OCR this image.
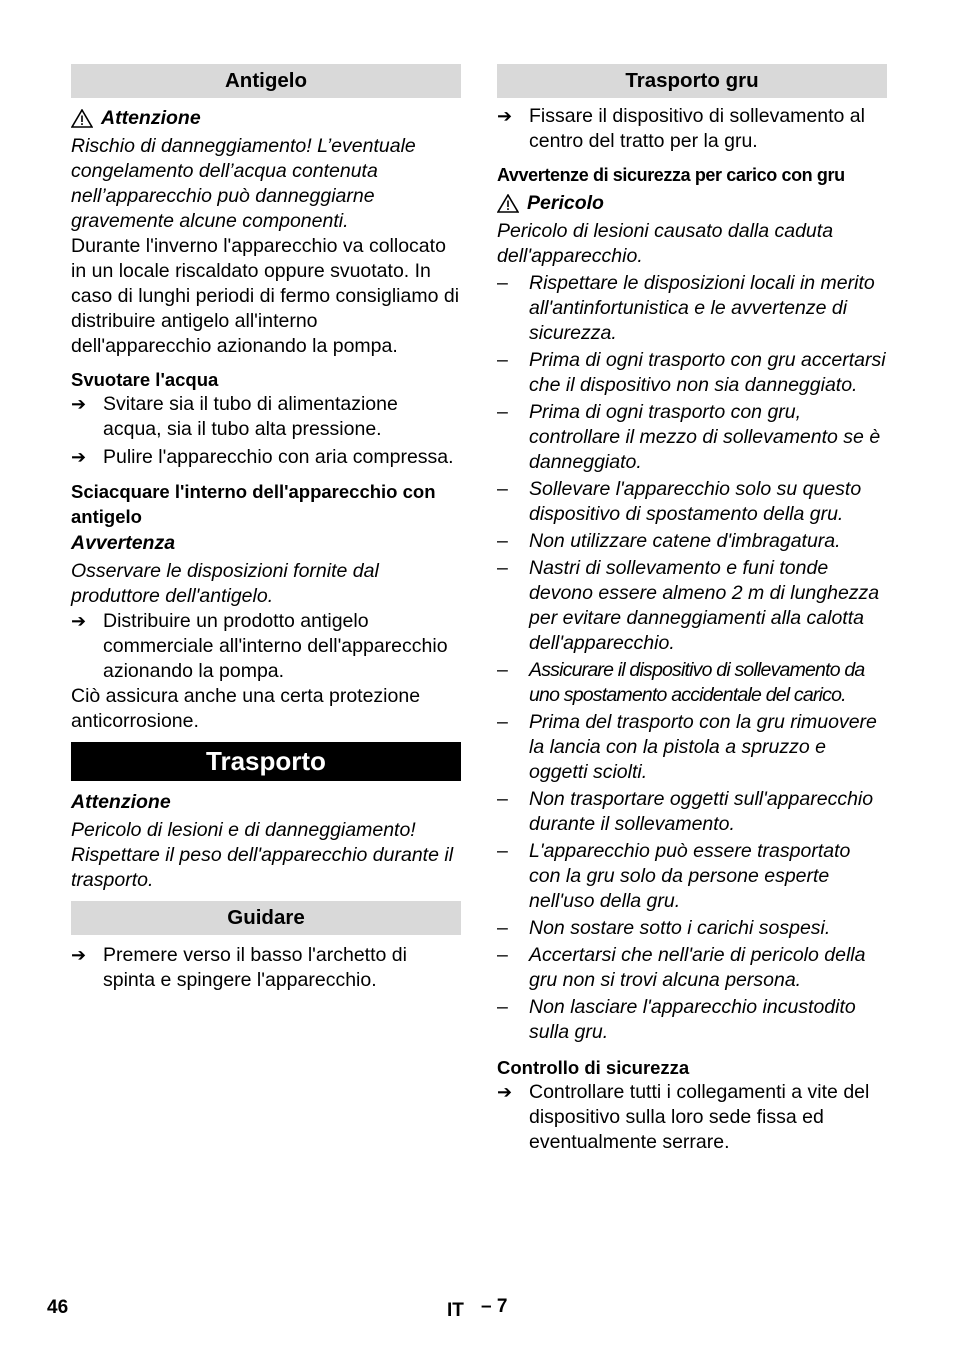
Antigelo
Attenzione

Rischio di danneggiamento! L’eventuale congelamento dell’acqua contenuta nell’apparecchio può danneggiarne gravemente alcune componenti.

Durante l'inverno l'apparecchio va collocato in un locale riscaldato oppure svuotato. In caso di lunghi periodi di fermo consigliamo di distribuire antigelo all'interno dell'apparecchio azionando la pompa.

Svuotare l'acqua
➔ Svitare sia il tubo di alimentazione acqua, sia il tubo alta pressione.
➔ Pulire l'apparecchio con aria compressa.
Sciacquare l'interno dell'apparecchio con antigelo
Avvertenza

Osservare le disposizioni fornite dal produttore dell'antigelo.

➔ Distribuire un prodotto antigelo commerciale all'interno dell'apparecchio azionando la pompa.

Ciò assicura anche una certa protezione anticorrosione.

Trasporto
Attenzione

Pericolo di lesioni e di danneggiamento! Rispettare il peso dell'apparecchio durante il trasporto.

Guidare
➔ Premere verso il basso l'archetto di spinta e spingere l'apparecchio.
Trasporto gru
➔ Fissare il dispositivo di sollevamento al centro del tratto per la gru.
Avvertenze di sicurezza per carico con gru
Pericolo

Pericolo di lesioni causato dalla caduta dell'apparecchio.

–	Rispettare le disposizioni locali in merito all'antinfortunistica e le avvertenze di sicurezza.
–	Prima di ogni trasporto con gru accertarsi che il dispositivo non sia danneggiato.
–	Prima di ogni trasporto con gru, controllare il mezzo di sollevamento se è danneggiato.
–	Sollevare l'apparecchio solo su questo dispositivo di spostamento della gru.
–	Non utilizzare catene d'imbragatura.
–	Nastri di sollevamento e funi tonde devono essere almeno 2 m di lunghezza per evitare danneggiamenti alla calotta dell'apparecchio.
–	Assicurare il dispositivo di sollevamento da uno spostamento accidentale del carico.
–	Prima del trasporto con la gru rimuovere la lancia con la pistola a spruzzo e oggetti sciolti.
–	Non trasportare oggetti sull'apparecchio durante il sollevamento.
–	L'apparecchio può essere trasportato con la gru solo da persone esperte nell'uso della gru.
–	Non sostare sotto i carichi sospesi.
–	Accertarsi che nell'arie di pericolo della gru non si trovi alcuna persona.
–	Non lasciare l'apparecchio incustodito sulla gru.
Controllo di sicurezza
➔ Controllare tutti i collegamenti a vite del dispositivo sulla loro sede fissa ed eventualmente serrare.
46	IT – 7
